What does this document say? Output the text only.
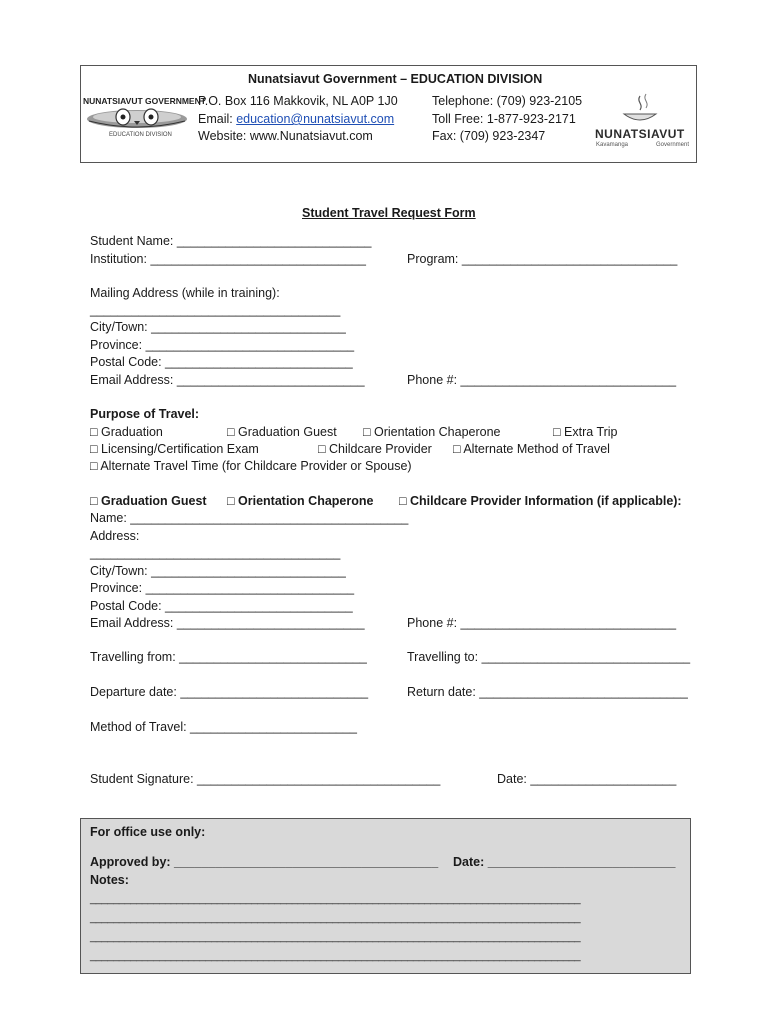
NUNATSIAVUT GOVERNMENT

EDUCATION DIVISION

Nunatsiavut Government – EDUCATION DIVISION
P.O. Box 116 Makkovik, NL A0P 1J0
Email: education@nunatsiavut.com
Website: www.Nunatsiavut.com
Telephone: (709) 923-2105
Toll Free: 1-877-923-2171
Fax: (709) 923-2347

	NUNATSIAVUT

Kavamanga

	Government

Student Travel Request Form
Student Name: ____________________________
Institution: _______________________________	Program: _______________________________
Mailing Address (while in training):
____________________________________
City/Town: ____________________________
Province: ______________________________
Postal Code: ___________________________
Email Address: ___________________________	Phone #: _______________________________
Purpose of Travel:
□ Graduation	□ Graduation Guest □ Orientation Chaperone	□ Extra Trip
□ Licensing/Certification Exam	□ Childcare Provider □ Alternate Method of Travel
□ Alternate Travel Time (for Childcare Provider or Spouse)
□ Graduation Guest □ Orientation Chaperone □ Childcare Provider Information (if applicable):
Name: ________________________________________
Address:
____________________________________
City/Town: ____________________________
Province: ______________________________
Postal Code: ___________________________
Email Address: ___________________________	Phone #: _______________________________
Travelling from: ___________________________	Travelling to: ______________________________
Departure date: ___________________________	Return date: ______________________________
Method of Travel: ________________________
Student Signature: ___________________________________	Date: _____________________
For office use only:
Approved by: ______________________________________ Date: ___________________________
Notes:
_____________________________________________________________________________________
_____________________________________________________________________________________
_____________________________________________________________________________________
_____________________________________________________________________________________
